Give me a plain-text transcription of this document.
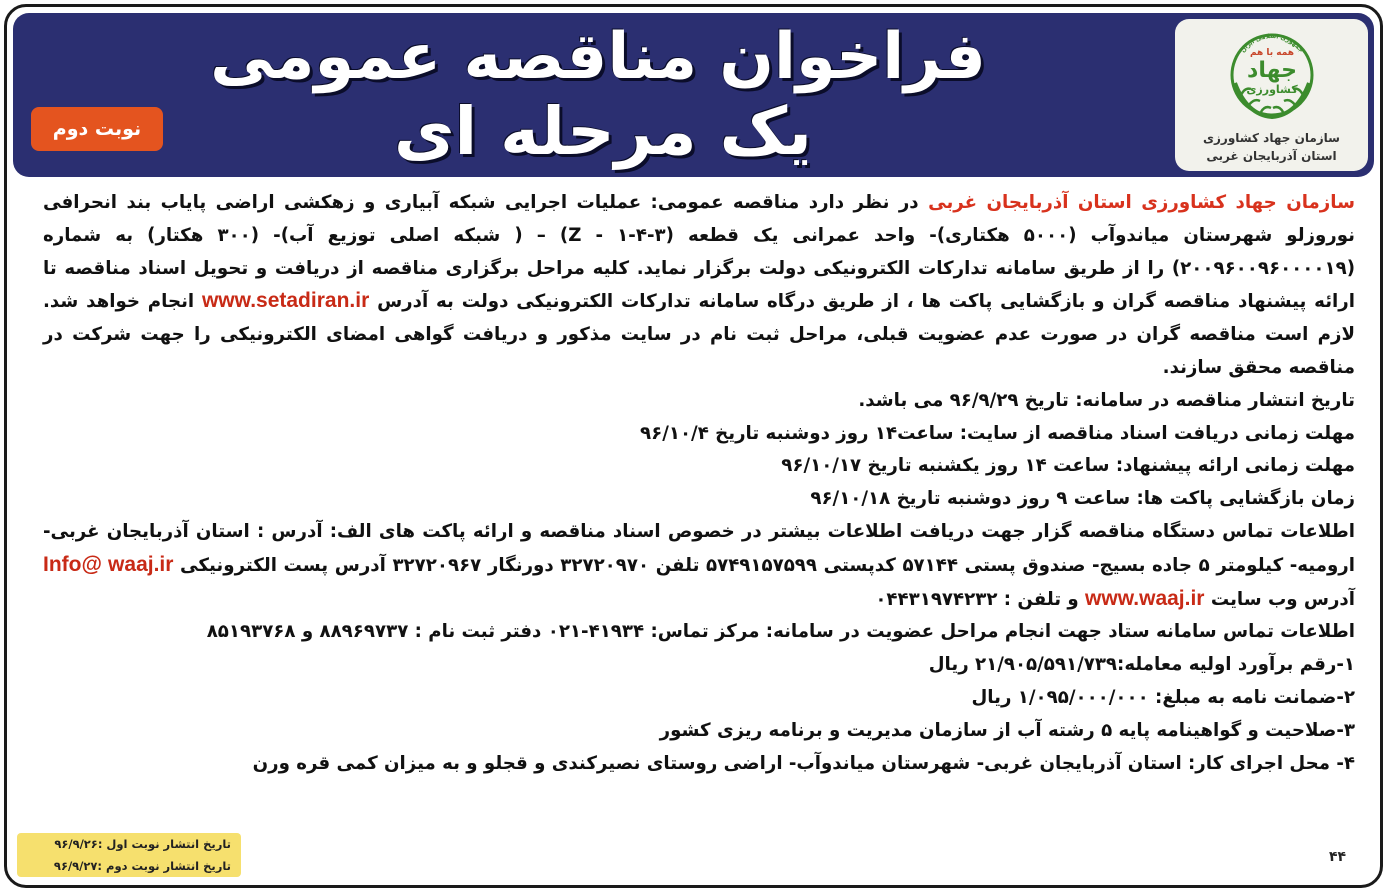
فراخوان مناقصه عمومی
یک مرحله ای
نوبت دوم
جمهوری اسلامی ایران
همه با هم
جهاد
کشاورزی
سازمان جهاد کشاورزی
استان آذربایجان غربی

سازمان جهاد کشاورزی استان آذربایجان غربی در نظر دارد مناقصه عمومی: عملیات اجرایی شبکه آبیاری و زهکشی اراضی پایاب بند انحرافی نوروزلو شهرستان میاندوآب (۵۰۰۰ هکتاری)- واحد عمرانی یک قطعه (۳-۴-۱ - Z) – ( شبکه اصلی توزیع آب)- (۳۰۰ هکتار) به شماره (۲۰۰۹۶۰۰۹۶۰۰۰۰۱۹) را از طریق سامانه تدارکات الکترونیکی دولت برگزار نماید. کلیه مراحل برگزاری مناقصه از دریافت و تحویل اسناد مناقصه تا ارائه پیشنهاد مناقصه گران و بازگشایی پاکت ها ، از طریق درگاه سامانه تدارکات الکترونیکی دولت به آدرس www.setadiran.ir انجام خواهد شد. لازم است مناقصه گران در صورت عدم عضویت قبلی، مراحل ثبت نام در سایت مذکور و دریافت گواهی امضای الکترونیکی را جهت شرکت در مناقصه محقق سازند.

تاریخ انتشار مناقصه در سامانه: تاریخ ۹۶/۹/۲۹ می باشد.

مهلت زمانی دریافت اسناد مناقصه از سایت: ساعت۱۴ روز دوشنبه تاریخ ۹۶/۱۰/۴

مهلت زمانی ارائه پیشنهاد: ساعت ۱۴ روز یکشنبه تاریخ ۹۶/۱۰/۱۷

زمان بازگشایی پاکت ها: ساعت ۹ روز دوشنبه تاریخ ۹۶/۱۰/۱۸

اطلاعات تماس دستگاه مناقصه گزار جهت دریافت اطلاعات بیشتر در خصوص اسناد مناقصه و ارائه پاکت های الف: آدرس : استان آذربایجان غربی- ارومیه- کیلومتر ۵ جاده بسیج- صندوق پستی ۵۷۱۴۴ کدپستی ۵۷۴۹۱۵۷۵۹۹ تلفن ۳۲۷۲۰۹۷۰ دورنگار ۳۲۷۲۰۹۶۷ آدرس پست الکترونیکی Info@ waaj.ir آدرس وب سایت www.waaj.ir و تلفن : ۰۴۴۳۱۹۷۴۲۳۲

اطلاعات تماس سامانه ستاد جهت انجام مراحل عضویت در سامانه: مرکز تماس: ۴۱۹۳۴-۰۲۱ دفتر ثبت نام : ۸۸۹۶۹۷۳۷ و ۸۵۱۹۳۷۶۸

۱-رقم برآورد اولیه معامله:۲۱/۹۰۵/۵۹۱/۷۳۹ ریال

۲-ضمانت نامه به مبلغ: ۱/۰۹۵/۰۰۰/۰۰۰ ریال

۳-صلاحیت و گواهینامه پایه ۵ رشته آب از سازمان مدیریت و برنامه ریزی کشور

۴- محل اجرای کار: استان آذربایجان غربی- شهرستان میاندوآب- اراضی روستای نصیرکندی و قجلو و به میزان کمی قره ورن

تاریخ انتشار نوبت اول :۹۶/۹/۲۶
تاریخ انتشار نوبت دوم :۹۶/۹/۲۷
۴۴
